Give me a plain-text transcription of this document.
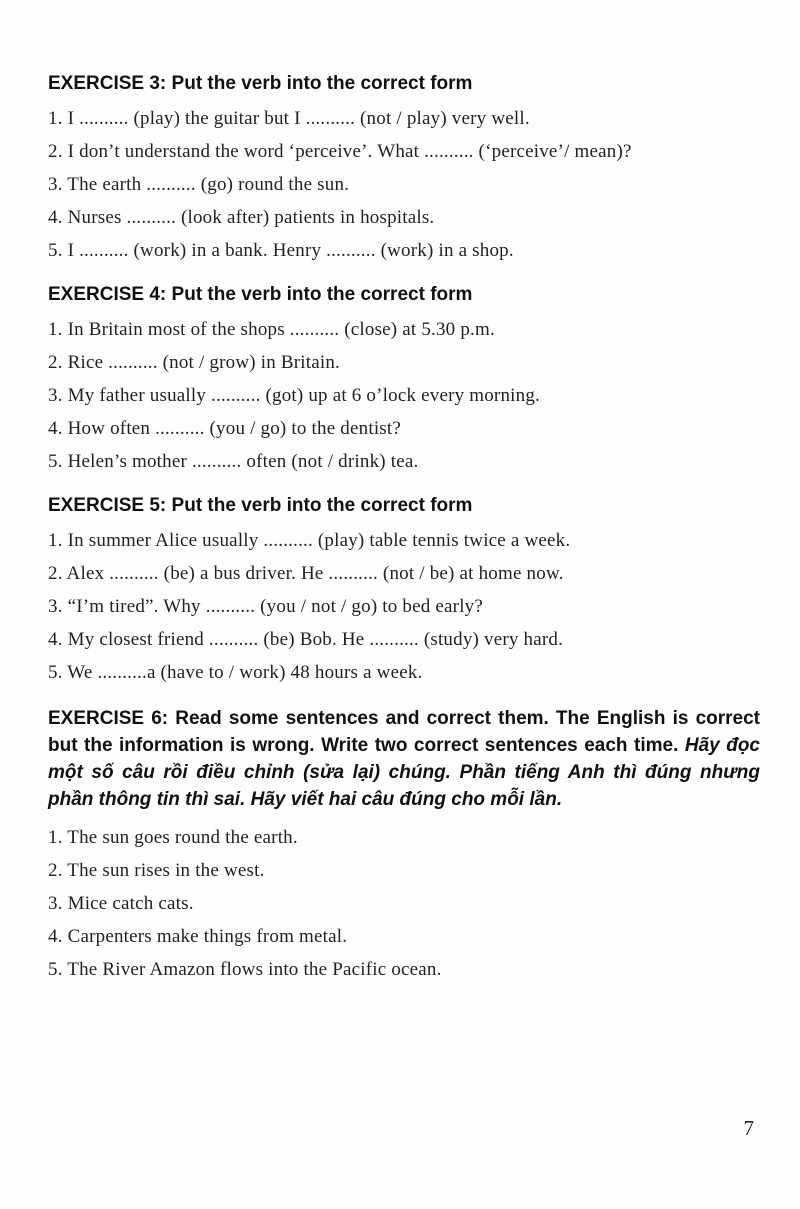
EXERCISE 3: Put the verb into the correct form
1. I .......... (play) the guitar but I .......... (not / play) very well.
2. I don’t understand the word ‘perceive’. What .......... (‘perceive’/ mean)?
3. The earth .......... (go) round the sun.
4. Nurses .......... (look after) patients in hospitals.
5. I .......... (work) in a bank. Henry .......... (work) in a shop.
EXERCISE 4: Put the verb into the correct form
1. In Britain most of the shops .......... (close) at 5.30 p.m.
2. Rice .......... (not / grow) in Britain.
3. My father usually .......... (got) up at 6 o’lock every morning.
4. How often .......... (you / go) to the dentist?
5. Helen’s mother .......... often (not / drink) tea.
EXERCISE 5: Put the verb into the correct form
1. In summer Alice usually .......... (play) table tennis twice a week.
2. Alex .......... (be) a bus driver. He .......... (not / be) at home now.
3. “I’m tired”. Why .......... (you / not / go) to bed early?
4. My closest friend .......... (be) Bob. He .......... (study) very hard.
5. We ..........a (have to / work) 48 hours a week.
EXERCISE 6: Read some sentences and correct them. The English is correct but the information is wrong. Write two correct sentences each time. Hãy đọc một số câu rồi điều chỉnh (sửa lại) chúng. Phần tiếng Anh thì đúng nhưng phần thông tin thì sai. Hãy viết hai câu đúng cho mỗi lần.
1. The sun goes round the earth.
2. The sun rises in the west.
3. Mice catch cats.
4. Carpenters make things from metal.
5. The River Amazon flows into the Pacific ocean.
7
